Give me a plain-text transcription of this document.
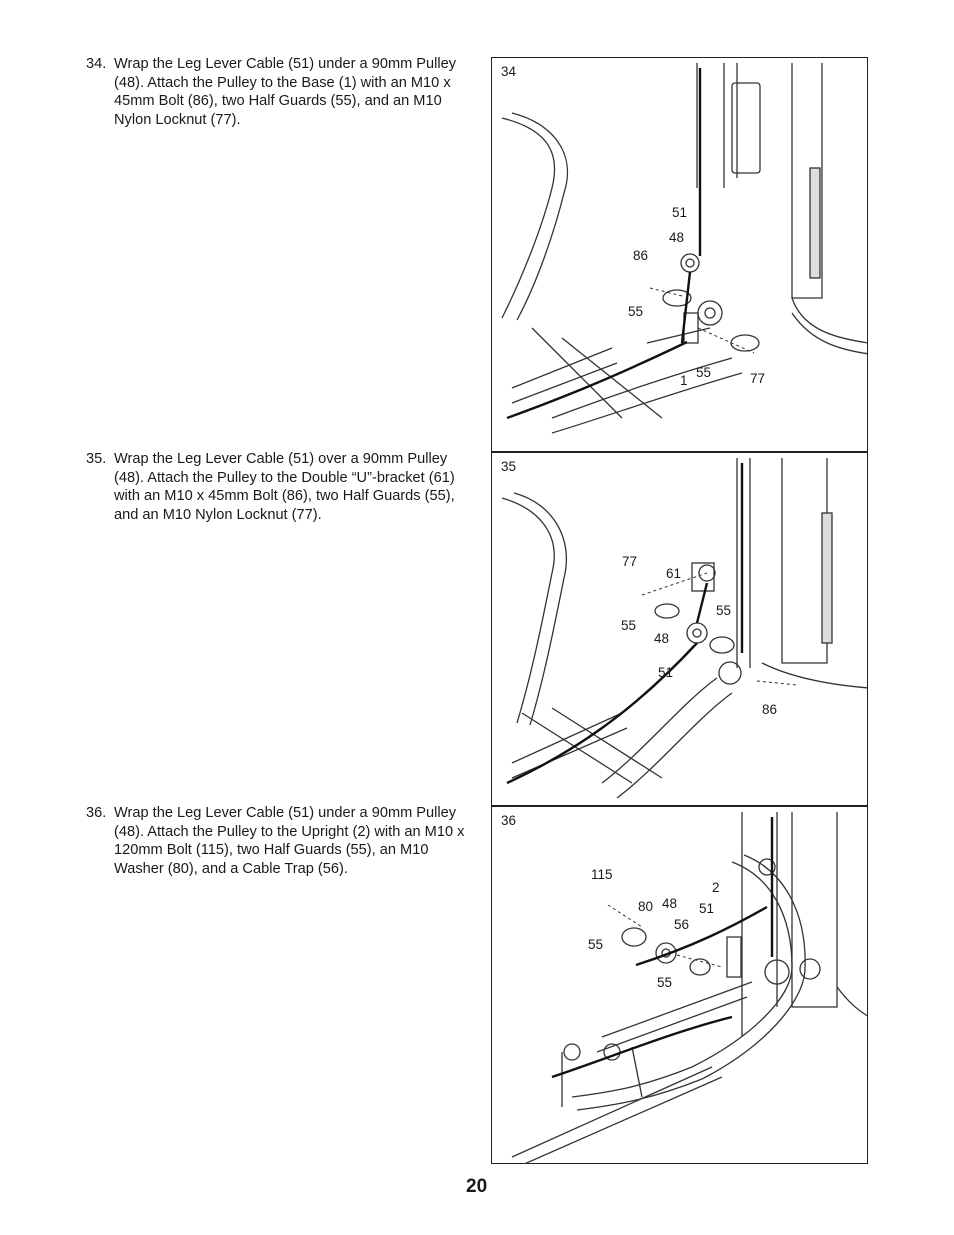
34. Wrap the Leg Lever Cable (51) under a 90mm Pulley (48). Attach the Pulley to the Base (1) with an M10 x 45mm Bolt (86), two Half Guards (55), and an M10 Nylon Locknut (77).
35. Wrap the Leg Lever Cable (51) over a 90mm Pulley (48). Attach the Pulley to the Double “U”-bracket (61) with an M10 x 45mm Bolt (86), two Half Guards (55), and an M10 Nylon Locknut (77).
36. Wrap the Leg Lever Cable (51) under a 90mm Pulley (48). Attach the Pulley to the Upright (2) with an M10 x 120mm Bolt (115), two Half Guards (55), an M10 Washer (80), and a Cable Trap (56).
34
51
48
86
55
1
55	77
35
77
61
55
55
48
51
86
36
115
2
80 48 51
56
55
55
20
